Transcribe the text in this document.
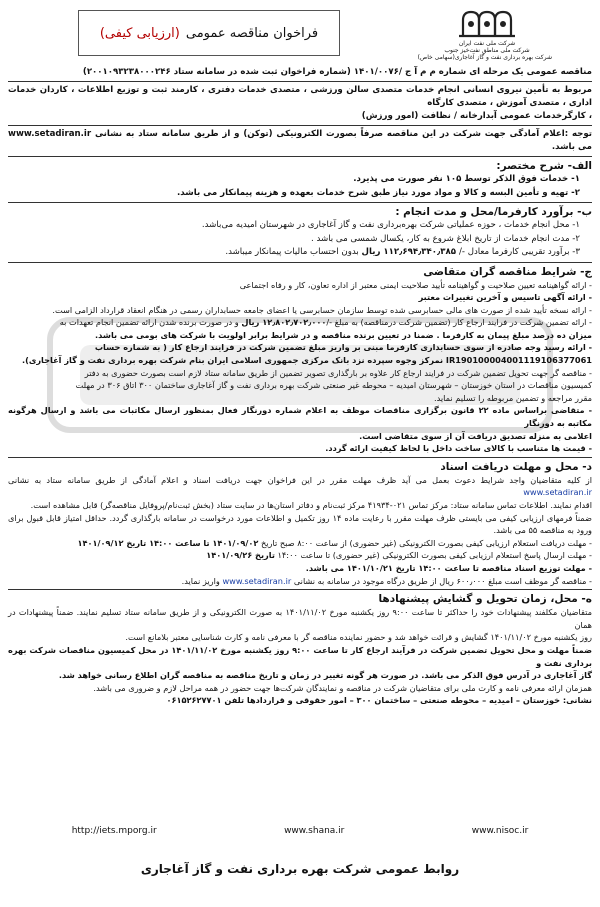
شرکت ملی نفت ایران
شرکت ملی مناطق نفت‌خیز جنوب
شرکت بهره برداری نفت و گاز آغاجاری(سهامی خاص)
فراخوان مناقصه عمومی
(ارزیابی کیفی)
مناقصه عمومی یک مرحله ای شماره م م آ ج /۱۴۰۱/۰۰۷۶ (شماره فراخوان ثبت شده در سامانه ستاد ۲۰۰۱۰۹۳۲۳۸۰۰۰۲۴۶)
مربوط به تأمین نیروی انسانی انجام خدمات متصدی سالن ورزشی ، متصدی خدمات دفتری ، کارمند ثبت و توزیع اطلاعات ، کاردان خدمات اداری ، متصدی آموزش ، متصدی کارگاه
، کارگرخدمات عمومی آبدارخانه / نظافت (امور ورزش)
توجه :اعلام آمادگی جهت شرکت در این مناقصه صرفاً بصورت الکترونیکی (توکن) و از طریق سامانه ستاد به نشانی www.setadiran.ir می باشد.
الف- شرح مختصر:
۱- خدمات فوق الذکر توسط ۱۰۵ نفر صورت می پذیرد.
۲- تهیه و تأمین البسه و کالا و مواد مورد نیاز طبق شرح خدمات بعهده و هزینه پیمانکار می باشد.
ب- برآورد کارفرما/محل و مدت انجام :
۱- محل انجام خدمات ، حوزه عملیاتی شرکت بهره‌برداری نفت و گاز آغاجاری در شهرستان امیدیه می‌باشد.
۲- مدت انجام خدمات از تاریخ ابلاغ شروع به کار، یکسال شمسی می باشد .
۳- برآورد تقریبی کارفرما معادل -/ ۱۱۲٫۶۹۴٫۳۴۰٫۳۸۵ ریال بدون احتساب مالیات پیمانکار میباشد.
ج- شرایط مناقصه گران متقاضی
- ارائه گواهینامه تعیین صلاحیت و گواهینامه تأیید صلاحیت ایمنی معتبر از اداره تعاون، کار و رفاه اجتماعی
- ارائه آگهی تاسیس و آخرین تغییرات معتبر
- ارائه نسخه تأیید شده از صورت های مالی حسابرسی شده توسط سازمان حسابرسی یا اعضای جامعه حسابداران رسمی در هنگام انعقاد قرارداد الزامی است.
- ارائه تضمین شرکت در فرایند ارجاع کار (تضمین شرکت درمناقصه) به مبلغ -/۱۲٫۸۰۲٫۷۰۲٫۰۰۰ ریال و در صورت برنده شدن ارائه تضمین انجام تعهدات به
میزان ده درصد مبلغ پیمان به کارفرما . ضمنا در تعیین برنده مناقصه و در شرایط برابر اولویت با شرکت های بومی می باشد.
- ارائه رسید وجه صادره از سوی حسابداری کارفرما مبنی بر واریز مبلغ تضمین شرکت در فرایند ارجاع کار ( به شماره حساب
IR190100004001119106377061 نمرکز وجوه سپرده نزد بانک مرکزی جمهوری اسلامی ایران بنام شرکت بهره برداری نفت و گاز آغاجاری).
- مناقصه گر جهت تحویل تضمین شرکت در فرایند ارجاع کار علاوه بر بارگذاری تصویر تضمین از طریق سامانه ستاد لازم است بصورت حضوری به دفتر
کمیسیون مناقصات در استان خوزستان – شهرستان امیدیه – محوطه غیر صنعتی شرکت بهره برداری نفت و گاز آغاجاری ساختمان ۳۰۰ اتاق ۳۰۶ در مهلت
مقرر مراجعه و تضمین مربوطه را تسلیم نماید.
- متقاضی براساس ماده ۲۲ قانون برگزاری مناقصات موظف به اعلام شماره دورنگار فعال بمنظور ارسال مکاتبات می باشد و ارسال هرگونه مکاتبه به دورنگار
اعلامی به منزله تصدیق دریافت آن از سوی متقاضی است.
- قیمت ها متناسب با کالای ساخت داخل با لحاظ کیفیت ارائه گردد.
د- محل و مهلت دریافت اسناد
از کلیه متقاضیان واجد شرایط دعوت بعمل می آید ظرف مهلت مقرر در این فراخوان جهت دریافت اسناد و اعلام آمادگی از طریق سامانه ستاد به نشانی www.setadiran.ir
اقدام نمایند. اطلاعات تماس سامانه ستاد: مرکز تماس ۰۲۱-۴۱۹۳۴ مرکز ثبت‌نام و دفاتر استان‌ها در سایت ستاد (بخش ثبت‌نام/پروفایل مناقصه‌گر) قابل مشاهده است.
ضمناً فرمهای ارزیابی کیفی می بایستی ظرف مهلت مقرر با رعایت ماده ۱۴ روز تکمیل و اطلاعات مورد درخواست در سامانه بارگذاری گردد. حداقل امتیاز قابل قبول برای ورود به مناقصه ۵۵ می باشد.
- مهلت دریافت استعلام ارزیابی کیفی بصورت الکترونیکی (غیر حضوری) از ساعت ۸:۰۰ صبح تاریخ ۱۴۰۱/۰۹/۰۲ تا ساعت ۱۴:۰۰ تاریخ ۱۴۰۱/۰۹/۱۲
- مهلت ارسال پاسخ استعلام ارزیابی کیفی بصورت الکترونیکی (غیر حضوری) تا ساعت ۱۴:۰۰ تاریخ ۱۴۰۱/۰۹/۲۶
- مهلت توزیع اسناد مناقصه تا ساعت ۱۴:۰۰ تاریخ ۱۴۰۱/۱۰/۲۱ می باشد.
- مناقصه گر موظف است مبلغ ۶۰۰٫۰۰۰ ریال از طریق درگاه موجود در سامانه به نشانی www.setadiran.ir واریز نماید.
ه- محل، زمان تحویل و گشایش پیشنهادها
متقاضیان مکلفند پیشنهادات خود را حداکثر تا ساعت ۹:۰۰ روز یکشنبه مورخ ۱۴۰۱/۱۱/۰۲ به صورت الکترونیکی و از طریق سامانه ستاد تسلیم نمایند. ضمناً پیشنهادات در همان
روز یکشنبه مورخ ۱۴۰۱/۱۱/۰۲ گشایش و قرائت خواهد شد و حضور نماینده مناقصه گر با معرفی نامه و کارت شناسایی معتبر بلامانع است.
ضمناً مهلت و محل تحویل تضمین شرکت در فرآیند ارجاع کار تا ساعت ۹:۰۰ روز یکشنبه مورخ ۱۴۰۱/۱۱/۰۲ در محل کمیسیون مناقصات شرکت بهره برداری نفت و
گاز آغاجاری در آدرس فوق الذکر می باشد. در صورت هر گونه تغییر در زمان و تاریخ مناقصه به مناقصه گران اطلاع رسانی خواهد شد.
همزمان ارائه معرفی نامه و کارت ملی برای متقاضیان شرکت در مناقصه و نمایندگان شرکت‌ها جهت حضور در همه مراحل لازم و ضروری می باشد.
نشانی: خوزستان – امیدیه – محوطه صنعتی – ساختمان ۳۰۰ – امور حقوقی و قراردادها تلفن ۰۶۱۵۲۶۲۷۷۰۱
http://iets.mporg.ir	www.shana.ir	www.nisoc.ir
روابط عمومی شرکت بهره برداری نفت و گاز آغاجاری
